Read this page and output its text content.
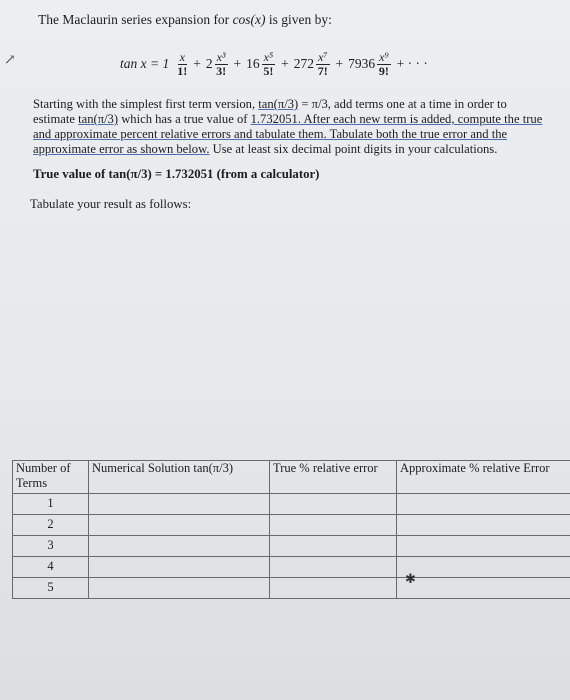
The Maclaurin series expansion for cos(x) is given by:
↗	$\tan x = 1 \frac{x}{1!} + 2 \frac{\text{x³}}{3!} + 16 \frac{\text{x⁵}}{5!} + 272 \frac{\text{x⁷}}{7!} + 7936 \frac{\text{x⁹}}{9!}$ + · · ·
Starting with the simplest first term version, tan(π/3) = π/3, add terms one at a time in order to estimate tan(π/3) which has a true value of 1.732051. After each new term is added, compute the true and approximate percent relative errors and tabulate them. Tabulate both the true error and the approximate error as shown below. Use at least six decimal point digits in your calculations.
True value of tan(π/3) = 1.732051 (from a calculator)
Tabulate your result as follows:
Number of Terms	Numerical Solution tan(π/3)	True % relative error	Approximate % relative Error
1			
2			
3			
4			
5			
✱
